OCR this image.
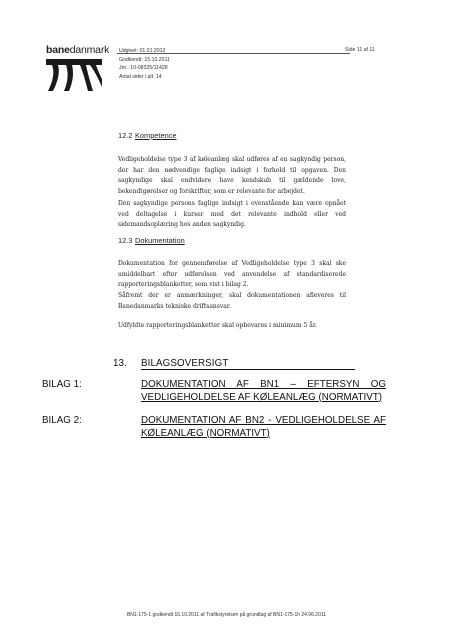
banedanmark Udgivet: 01.01.2012
Godkendt: 15.10.2011
Jnr.: 10-08325/11428
Antal sider i alt: 14
Side 11 af 11
12.2 Kompetence
Vedligeholdelse type 3 af køleanlæg skal udføres af en sagkyndig person, der har den nødvendige faglige indsigt i forhold til opgaven. Den sagkyndige skal endvidere have kendskab til gældende love, bekendtgørelser og forskrifter, som er relevante for arbejdet.
Den sagkyndige persons faglige indsigt i ovenstående kan være opnået ved deltagelse i kurser med det relevante indhold eller ved sidemandsoplæring hos anden sagkyndig.
12.3 Dokumentation
Dokumentation for gennemførelse af Vedligeholdelse type 3 skal ske umiddelbart efter udførelsen ved anvendelse af standardiserede rapporteringsblanketter, som vist i bilag 2.
Såfremt der er anmærkninger, skal dokumentationen afleveres til Banedanmarks tekniske driftsansvar.
Udfyldte rapporteringsblanketter skal opbevares i minimum 5 år.
13. BILAGSOVERSIGT
BILAG 1:	DOKUMENTATION AF BN1 – EFTERSYN OG VEDLIGEHOLDELSE AF KØLEANLÆG (NORMATIVT)
BILAG 2:	DOKUMENTATION AF BN2 - VEDLIGEHOLDELSE AF KØLEANLÆG (NORMATIVT)
BN1-175-1 godkendt 15.10.2011 af Trafikstyrelsen på grundlag af BN1-175-1h 24.06.2011
